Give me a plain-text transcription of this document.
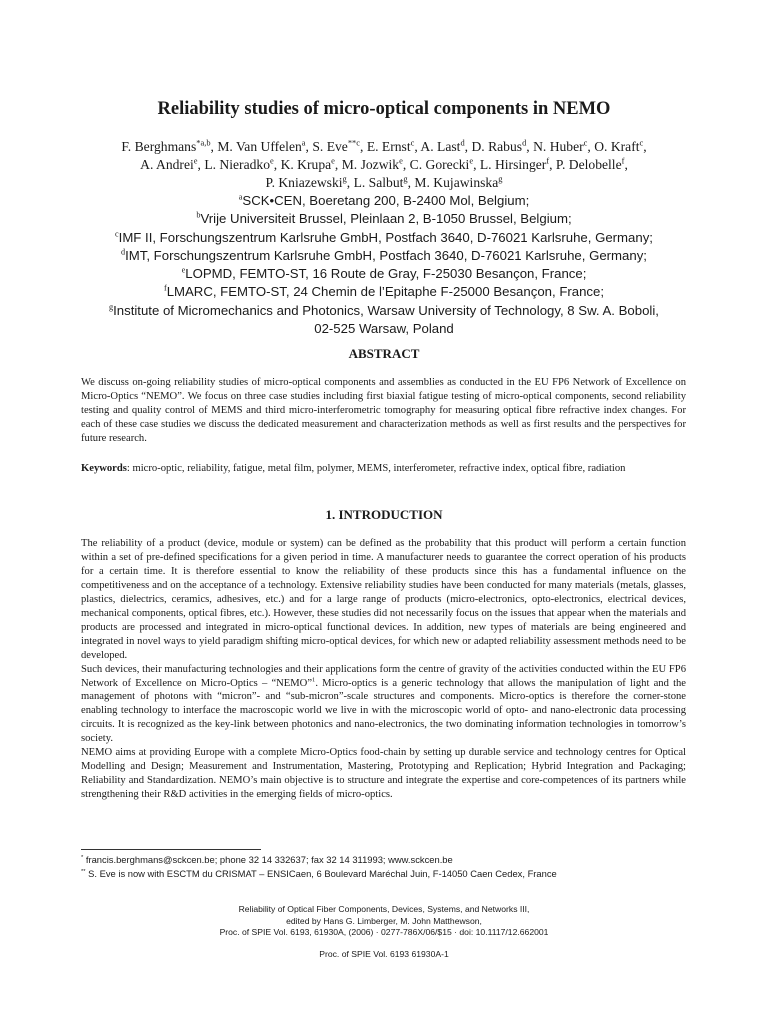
Reliability studies of micro-optical components in NEMO
F. Berghmans$^{*a,b}$, M. Van Uffelen$^a$, S. Eve$^{**c}$, E. Ernst$^c$, A. Last$^d$, D. Rabus$^d$, N. Huber$^c$, O. Kraft$^c$,
A. Andrei$^e$, L. Nieradko$^e$, K. Krupa$^e$, M. Jozwik$^e$, C. Gorecki$^e$, L. Hirsinger$^f$, P. Delobelle$^f$,
P. Kniazewski$^g$, L. Salbut$^g$, M. Kujawinska$^g$
$^a$SCK•CEN, Boeretang 200, B-2400 Mol, Belgium;
$^b$Vrije Universiteit Brussel, Pleinlaan 2, B-1050 Brussel, Belgium;
$^c$IMF II, Forschungszentrum Karlsruhe GmbH, Postfach 3640, D-76021 Karlsruhe, Germany;
$^d$IMT, Forschungszentrum Karlsruhe GmbH, Postfach 3640, D-76021 Karlsruhe, Germany;
$^e$LOPMD, FEMTO-ST, 16 Route de Gray, F-25030 Besançon, France;
$^f$LMARC, FEMTO-ST, 24 Chemin de l’Epitaphe F-25000 Besançon, France;
$^g$Institute of Micromechanics and Photonics, Warsaw University of Technology, 8 Sw. A. Boboli,
02-525 Warsaw, Poland
ABSTRACT

We discuss on-going reliability studies of micro-optical components and assemblies as conducted in the EU FP6 Network of Excellence on Micro-Optics “NEMO”. We focus on three case studies including first biaxial fatigue testing of micro-optical components, second reliability testing and quality control of MEMS and third micro-interferometric tomography for measuring optical fibre refractive index changes. For each of these case studies we discuss the dedicated measurement and characterization methods as well as first results and the perspectives for future research.

Keywords: micro-optic, reliability, fatigue, metal film, polymer, MEMS, interferometer, refractive index, optical fibre, radiation

1. INTRODUCTION
The reliability of a product (device, module or system) can be defined as the probability that this product will perform a certain function within a set of pre-defined specifications for a given period in time. A manufacturer needs to guarantee the correct operation of his products for a certain time. It is therefore essential to know the reliability of these products since this has a fundamental influence on the competitiveness and on the acceptance of a technology. Extensive reliability studies have been conducted for many materials (metals, glasses, plastics, dielectrics, ceramics, adhesives, etc.) and for a large range of products (micro-electronics, opto-electronics, electrical devices, mechanical components, optical fibres, etc.). However, these studies did not necessarily focus on the issues that appear when the materials and products are processed and integrated in micro-optical functional devices. In addition, new types of materials are being engineered and integrated in novel ways to yield paradigm shifting micro-optical devices, for which new or adapted reliability assessment methods need to be developed.
Such devices, their manufacturing technologies and their applications form the centre of gravity of the activities conducted within the EU FP6 Network of Excellence on Micro-Optics – “NEMO”$^1$. Micro-optics is a generic technology that allows the manipulation of light and the management of photons with “micron”- and “sub-micron”-scale structures and components. Micro-optics is therefore the corner-stone enabling technology to interface the macroscopic world we live in with the microscopic world of opto- and nano-electronic data processing circuits. It is recognized as the key-link between photonics and nano-electronics, the two dominating information technologies in tomorrow’s society.
NEMO aims at providing Europe with a complete Micro-Optics food-chain by setting up durable service and technology centres for Optical Modelling and Design; Measurement and Instrumentation, Mastering, Prototyping and Replication; Hybrid Integration and Packaging; Reliability and Standardization. NEMO’s main objective is to structure and integrate the expertise and core-competences of its partners while strengthening their R&D activities in the emerging fields of micro-optics.
* francis.berghmans@sckcen.be; phone 32 14 332637; fax 32 14 311993; www.sckcen.be
** S. Eve is now with ESCTM du CRISMAT – ENSICaen, 6 Boulevard Maréchal Juin, F-14050 Caen Cedex, France
Reliability of Optical Fiber Components, Devices, Systems, and Networks III,
edited by Hans G. Limberger, M. John Matthewson,
Proc. of SPIE Vol. 6193, 61930A, (2006) · 0277-786X/06/$15 · doi: 10.1117/12.662001
Proc. of SPIE Vol. 6193 61930A-1
